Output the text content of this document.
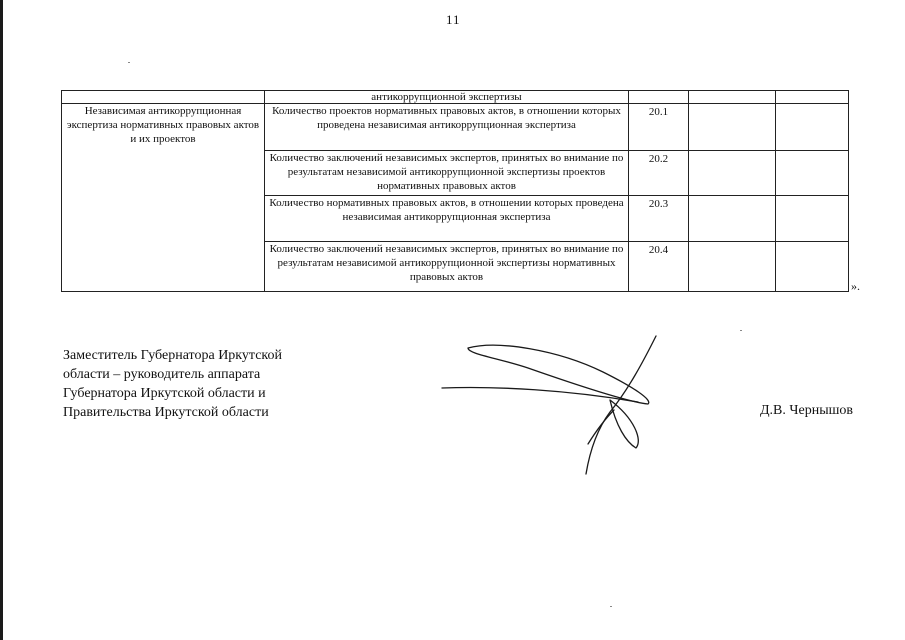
11
	антикоррупционной экспертизы			
Независимая антикоррупционная экспертиза нормативных правовых актов и их проектов	Количество проектов нормативных правовых актов, в отношении которых проведена независимая антикоррупционная экспертиза	20.1		
	Количество заключений независимых экспертов, принятых во внимание по результатам независимой антикоррупционной экспертизы проектов нормативных правовых актов	20.2		
	Количество нормативных правовых актов, в отношении которых проведена независимая антикоррупционная экспертиза	20.3		
	Количество заключений независимых экспертов, принятых во внимание по результатам независимой антикоррупционной экспертизы нормативных правовых актов	20.4		
».
Заместитель Губернатора Иркутской
области – руководитель аппарата
Губернатора Иркутской области и
Правительства Иркутской области	Д.В. Чернышов
